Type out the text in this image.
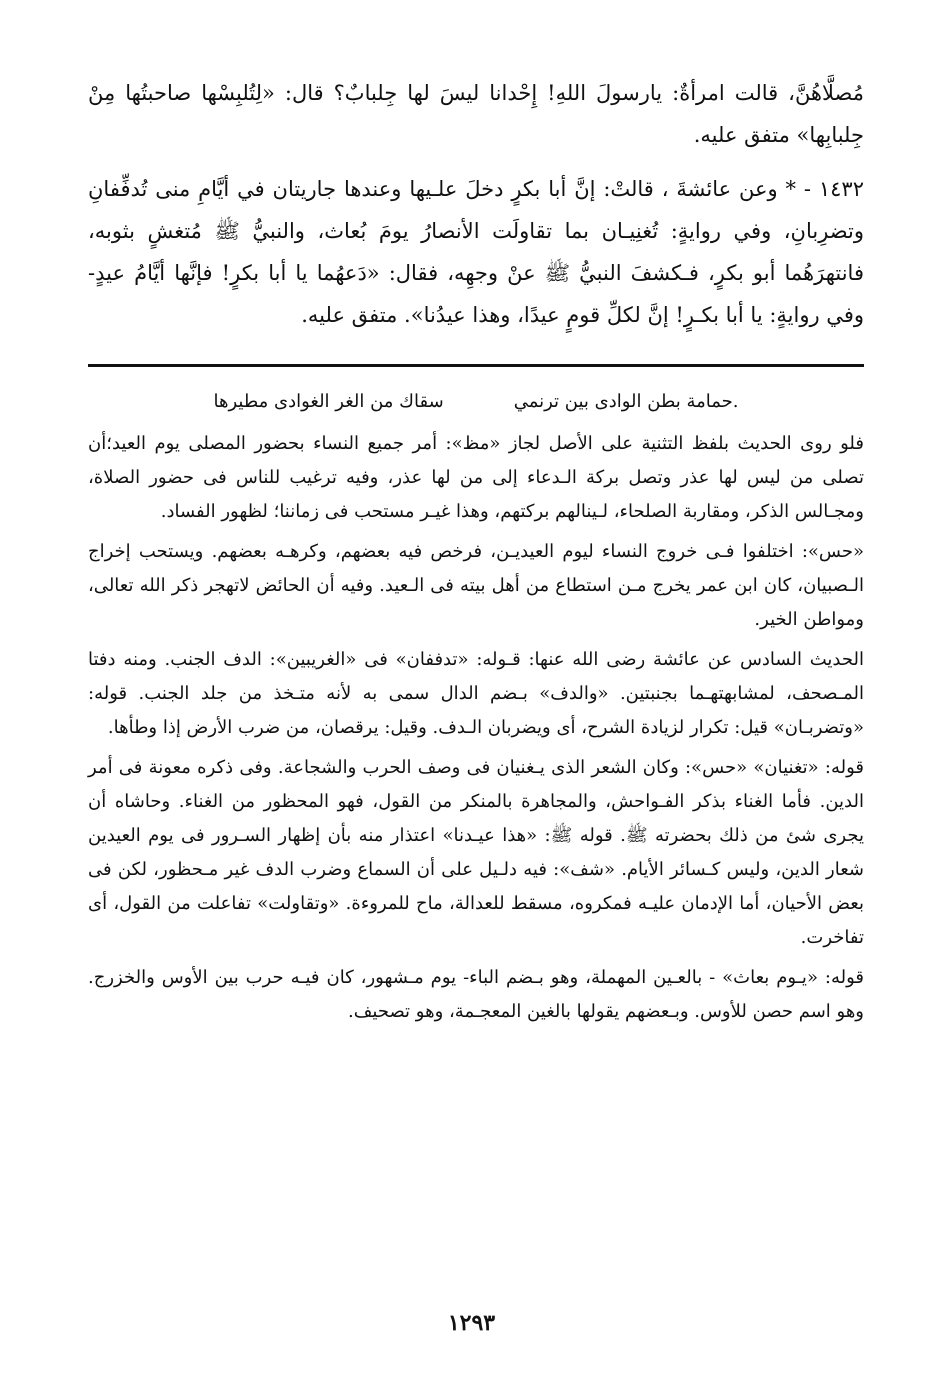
مُصلَّاهُنَّ، قالت امرأةٌ: يارسولَ اللهِ! إِحْدانا ليسَ لها جِلبابٌ؟ قال: «لِتُلبِسْها صاحبتُها مِنْ جِلبابِها» متفق عليه.

١٤٣٢ - * وعن عائشةَ ، قالتْ: إنَّ أبا بكرٍ دخلَ علـيها وعندها جاريتان في أيَّامِ منى تُدفِّفانِ وتضرِبانِ، وفي روايةٍ: تُغنِيـان بما تقاولَت الأنصارُ يومَ بُعاث، والنبيُّ ﷺ مُتغشٍ بثوبه، فانتهرَهُما أبو بكرٍ، فـكشفَ النبيُّ ﷺ عنْ وجهِه، فقال: «دَعهُما يا أبا بكرٍ! فإنَّها أيَّامُ عيدٍ- وفي روايةٍ: يا أبا بكـرٍ! إنَّ لكلِّ قومٍ عيدًا، وهذا عيدُنا». متفق عليه.

.حمامة بطن الوادى بين ترنمي
سقاك من الغر الغوادى مطيرها

فلو روى الحديث بلفظ التثنية على الأصل لجاز «مظ»: أمر جميع النساء بحضور المصلى يوم العيد؛أن تصلى من ليس لها عذر وتصل بركة الـدعاء إلى من لها عذر، وفيه ترغيب للناس فى حضور الصلاة، ومجـالس الذكر، ومقاربة الصلحاء، لـينالهم بركتهم، وهذا غيـر مستحب فى زماننا؛ لظهور الفساد.

«حس»: اختلفوا فـى خروج النساء ليوم العيديـن، فرخص فيه بعضهم، وكرهـه بعضهم. ويستحب إخراج الـصبيان، كان ابن عمر يخرج مـن استطاع من أهل بيته فى الـعيد. وفيه أن الحائض لاتهجر ذكر الله تعالى، ومواطن الخير.

الحديث السادس عن عائشة رضى الله عنها: قـوله: «تدففان» فى «الغريبين»: الدف الجنب. ومنه دفتا المـصحف، لمشابهتهـما بجنبتين. «والدف» بـضم الدال سمى به لأنه متـخذ من جلد الجنب. قوله: «وتضربـان» قيل: تكرار لزيادة الشرح، أى ويضربان الـدف. وقيل: يرقصان، من ضرب الأرض إذا وطأها.

قوله: «تغنيان» «حس»: وكان الشعر الذى يـغنيان فى وصف الحرب والشجاعة. وفى ذكره معونة فى أمر الدين. فأما الغناء بذكر الفـواحش، والمجاهرة بالمنكر من القول، فهو المحظور من الغناء. وحاشاه أن يجرى شئ من ذلك بحضرته ﷺ. قوله ﷺ: «هذا عيـدنا» اعتذار منه بأن إظهار السـرور فى يوم العيدين شعار الدين، وليس كـسائر الأيام. «شف»: فيه دلـيل على أن السماع وضرب الدف غير مـحظور، لكن فى بعض الأحيان، أما الإدمان عليـه فمكروه، مسقط للعدالة، ماح للمروءة. «وتقاولت» تفاعلت من القول، أى تفاخرت.

قوله: «يـوم بعاث» - بالعـين المهملة، وهو بـضم الباء- يوم مـشهور، كان فيـه حرب بين الأوس والخزرج. وهو اسم حصن للأوس. وبـعضهم يقولها بالغين المعجـمة، وهو تصحيف.

١٢٩٣
